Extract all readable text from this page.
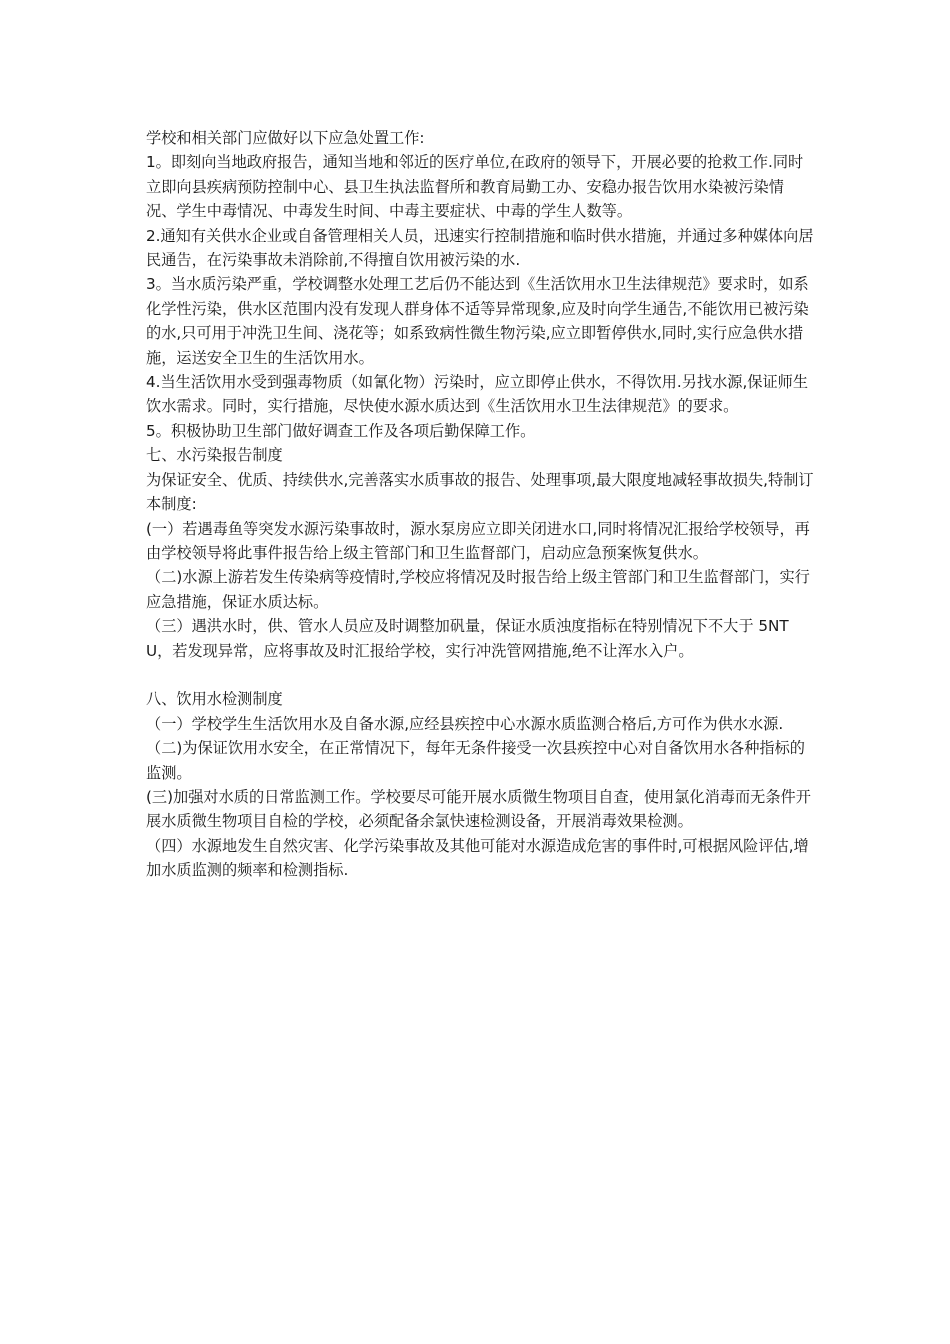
学校和相关部门应做好以下应急处置工作:

1。即刻向当地政府报告，通知当地和邻近的医疗单位,在政府的领导下，开展必要的抢救工作.同时立即向县疾病预防控制中心、县卫生执法监督所和教育局勤工办、安稳办报告饮用水染被污染情况、学生中毒情况、中毒发生时间、中毒主要症状、中毒的学生人数等。

2.通知有关供水企业或自备管理相关人员，迅速实行控制措施和临时供水措施，并通过多种媒体向居民通告，在污染事故未消除前,不得擅自饮用被污染的水.

3。当水质污染严重，学校调整水处理工艺后仍不能达到《生活饮用水卫生法律规范》要求时，如系化学性污染，供水区范围内没有发现人群身体不适等异常现象,应及时向学生通告,不能饮用已被污染的水,只可用于冲洗卫生间、浇花等；如系致病性微生物污染,应立即暂停供水,同时,实行应急供水措施，运送安全卫生的生活饮用水。

4.当生活饮用水受到强毒物质（如氰化物）污染时，应立即停止供水，不得饮用.另找水源,保证师生饮水需求。同时，实行措施，尽快使水源水质达到《生活饮用水卫生法律规范》的要求。

5。积极协助卫生部门做好调查工作及各项后勤保障工作。

七、水污染报告制度

为保证安全、优质、持续供水,完善落实水质事故的报告、处理事项,最大限度地减轻事故损失,特制订本制度:

(一）若遇毒鱼等突发水源污染事故时，源水泵房应立即关闭进水口,同时将情况汇报给学校领导，再由学校领导将此事件报告给上级主管部门和卫生监督部门，启动应急预案恢复供水。

（二)水源上游若发生传染病等疫情时,学校应将情况及时报告给上级主管部门和卫生监督部门，实行应急措施，保证水质达标。

（三）遇洪水时，供、管水人员应及时调整加矾量，保证水质浊度指标在特别情况下不大于 5NTU，若发现异常，应将事故及时汇报给学校，实行冲洗管网措施,绝不让浑水入户。

八、饮用水检测制度

（一）学校学生生活饮用水及自备水源,应经县疾控中心水源水质监测合格后,方可作为供水水源.

（二)为保证饮用水安全，在正常情况下，每年无条件接受一次县疾控中心对自备饮用水各种指标的监测。

(三)加强对水质的日常监测工作。学校要尽可能开展水质微生物项目自查，使用氯化消毒而无条件开展水质微生物项目自检的学校，必须配备余氯快速检测设备，开展消毒效果检测。

（四）水源地发生自然灾害、化学污染事故及其他可能对水源造成危害的事件时,可根据风险评估,增加水质监测的频率和检测指标.
